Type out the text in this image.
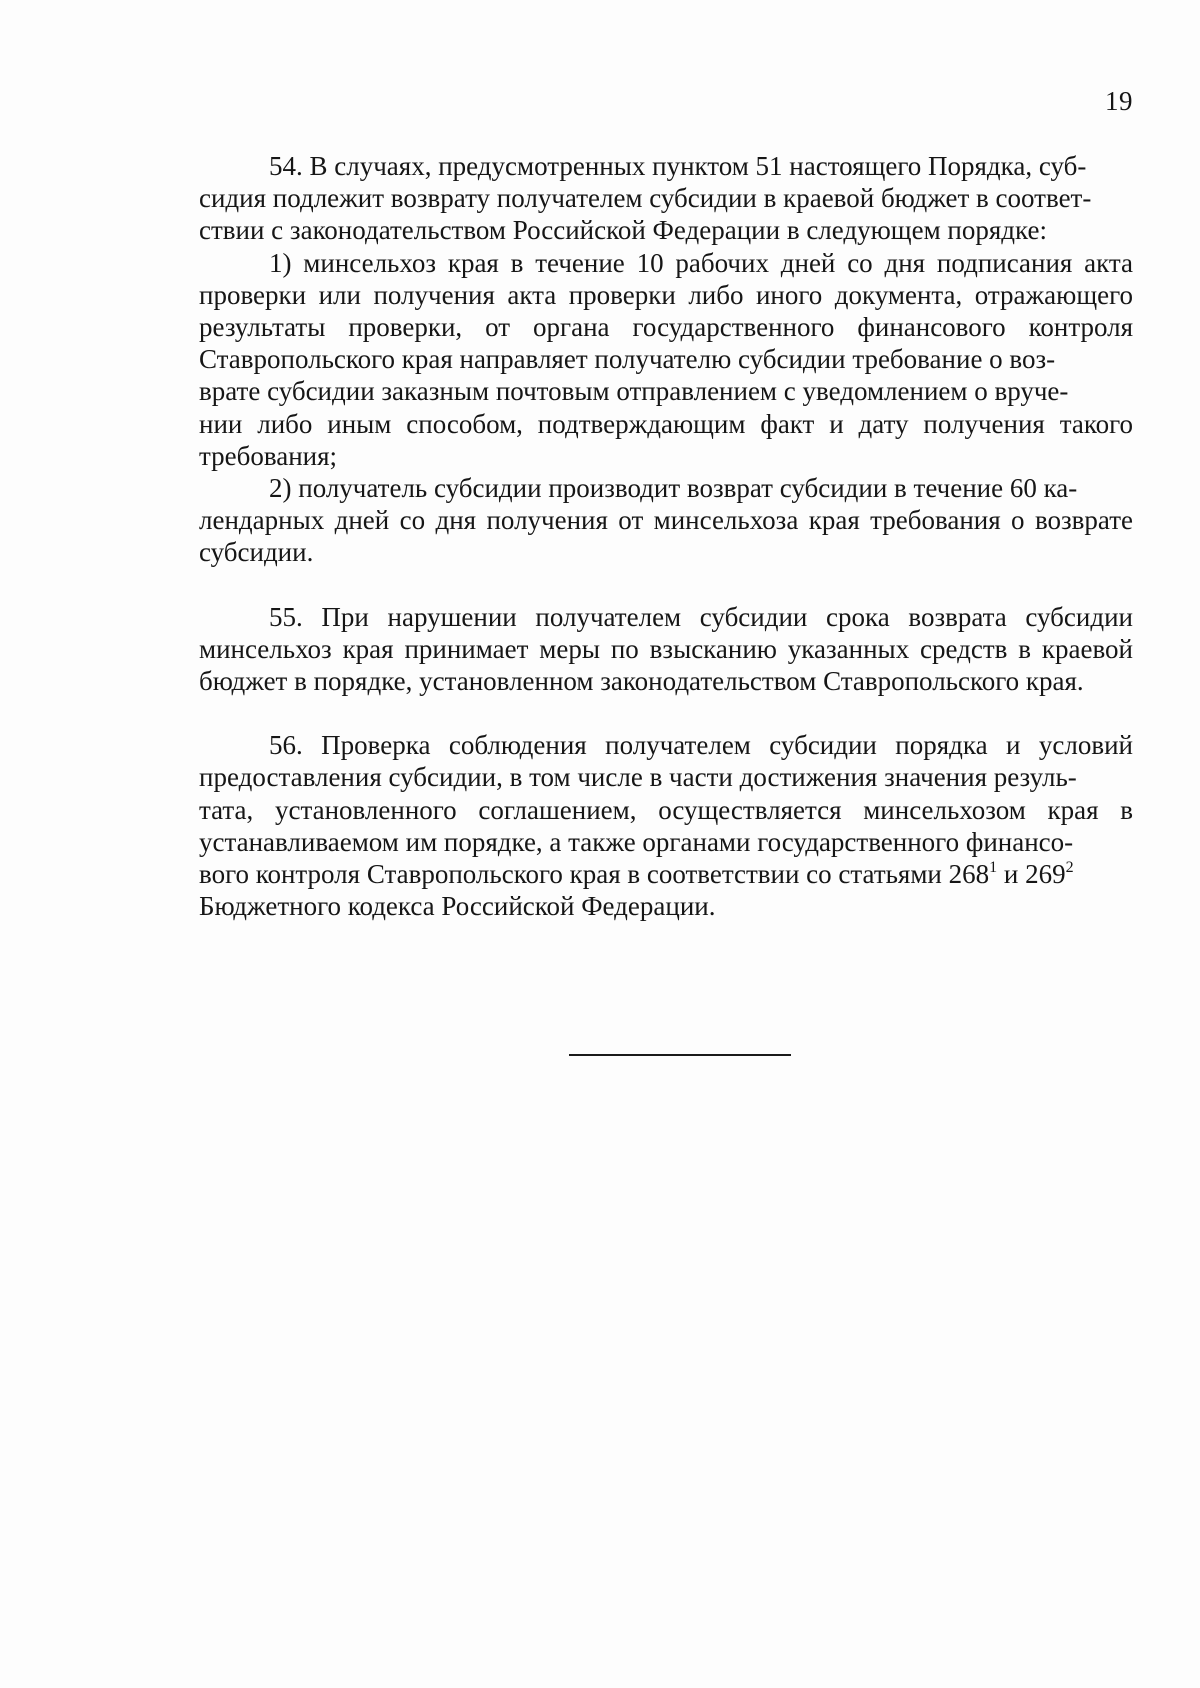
19

54. В случаях, предусмотренных пунктом 51 настоящего Порядка, суб-
сидия подлежит возврату получателем субсидии в краевой бюджет в соответ-
ствии с законодательством Российской Федерации в следующем порядке:

1) минсельхоз края в течение 10 рабочих дней со дня подписания акта проверки или получения акта проверки либо иного документа, отражающего результаты проверки, от органа государственного финансового контроля Ставропольского края направляет получателю субсидии требование о воз-
врате субсидии заказным почтовым отправлением с уведомлением о вруче-
нии либо иным способом, подтверждающим факт и дату получения такого требования;

2) получатель субсидии производит возврат субсидии в течение 60 ка-
лендарных дней со дня получения от минсельхоза края требования о возврате субсидии.

55. При нарушении получателем субсидии срока возврата субсидии минсельхоз края принимает меры по взысканию указанных средств в краевой бюджет в порядке, установленном законодательством Ставропольского края.

56. Проверка соблюдения получателем субсидии порядка и условий предоставления субсидии, в том числе в части достижения значения резуль-
тата, установленного соглашением, осуществляется минсельхозом края в устанавливаемом им порядке, а также органами государственного финансо-
вого контроля Ставропольского края в соответствии со статьями $268^1$ и $269^2$
Бюджетного кодекса Российской Федерации.
